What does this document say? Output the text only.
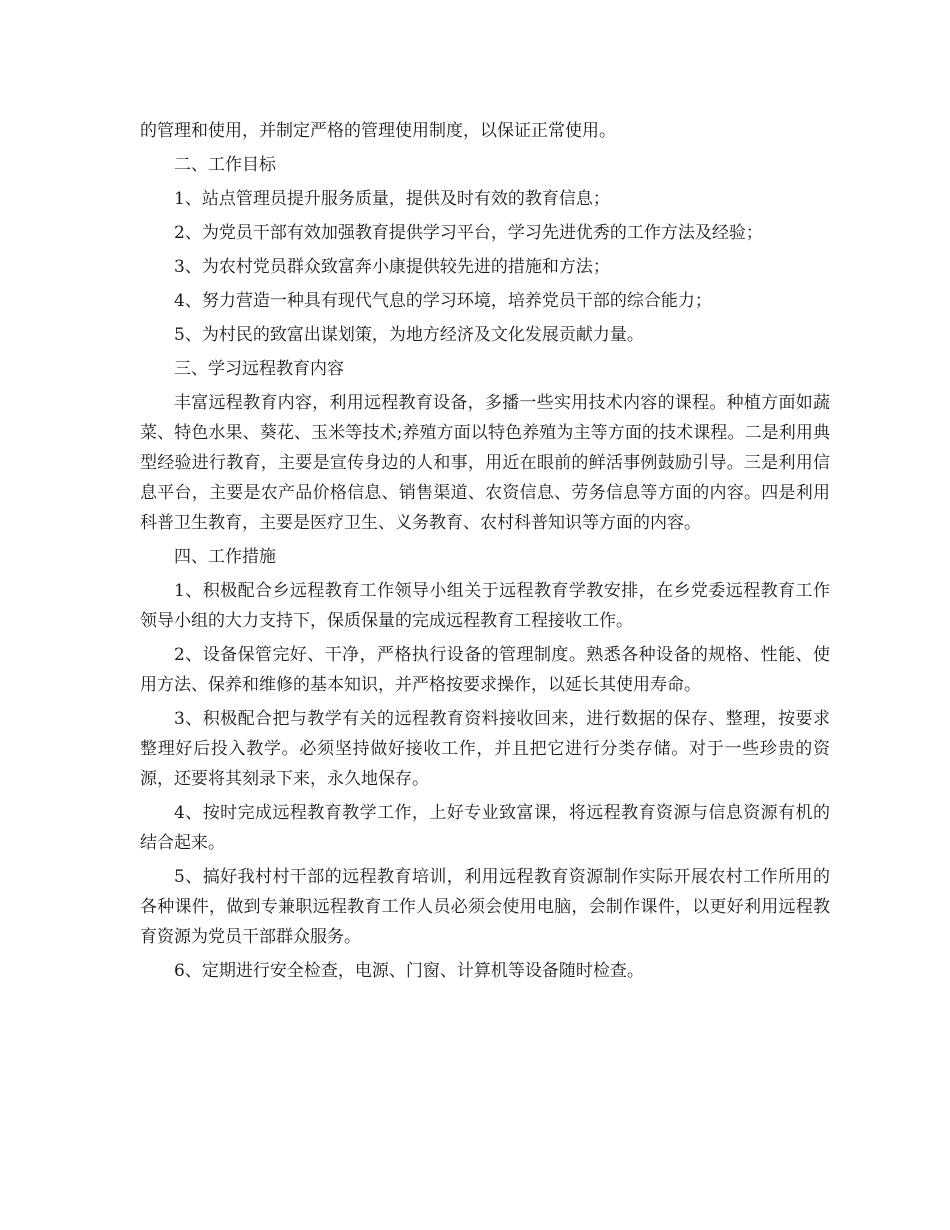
的管理和使用，并制定严格的管理使用制度，以保证正常使用。

二、工作目标

1、站点管理员提升服务质量，提供及时有效的教育信息；

2、为党员干部有效加强教育提供学习平台，学习先进优秀的工作方法及经验；

3、为农村党员群众致富奔小康提供较先进的措施和方法；

4、努力营造一种具有现代气息的学习环境，培养党员干部的综合能力；

5、为村民的致富出谋划策，为地方经济及文化发展贡献力量。

三、学习远程教育内容

丰富远程教育内容，利用远程教育设备，多播一些实用技术内容的课程。种植方面如蔬菜、特色水果、葵花、玉米等技术;养殖方面以特色养殖为主等方面的技术课程。二是利用典型经验进行教育，主要是宣传身边的人和事，用近在眼前的鲜活事例鼓励引导。三是利用信息平台，主要是农产品价格信息、销售渠道、农资信息、劳务信息等方面的内容。四是利用科普卫生教育，主要是医疗卫生、义务教育、农村科普知识等方面的内容。

四、工作措施

1、积极配合乡远程教育工作领导小组关于远程教育学教安排，在乡党委远程教育工作领导小组的大力支持下，保质保量的完成远程教育工程接收工作。

2、设备保管完好、干净，严格执行设备的管理制度。熟悉各种设备的规格、性能、使用方法、保养和维修的基本知识，并严格按要求操作，以延长其使用寿命。

3、积极配合把与教学有关的远程教育资料接收回来，进行数据的保存、整理，按要求整理好后投入教学。必须坚持做好接收工作，并且把它进行分类存储。对于一些珍贵的资源，还要将其刻录下来，永久地保存。

4、按时完成远程教育教学工作，上好专业致富课，将远程教育资源与信息资源有机的结合起来。

5、搞好我村村干部的远程教育培训，利用远程教育资源制作实际开展农村工作所用的各种课件，做到专兼职远程教育工作人员必须会使用电脑，会制作课件，以更好利用远程教育资源为党员干部群众服务。

6、定期进行安全检查，电源、门窗、计算机等设备随时检查。
